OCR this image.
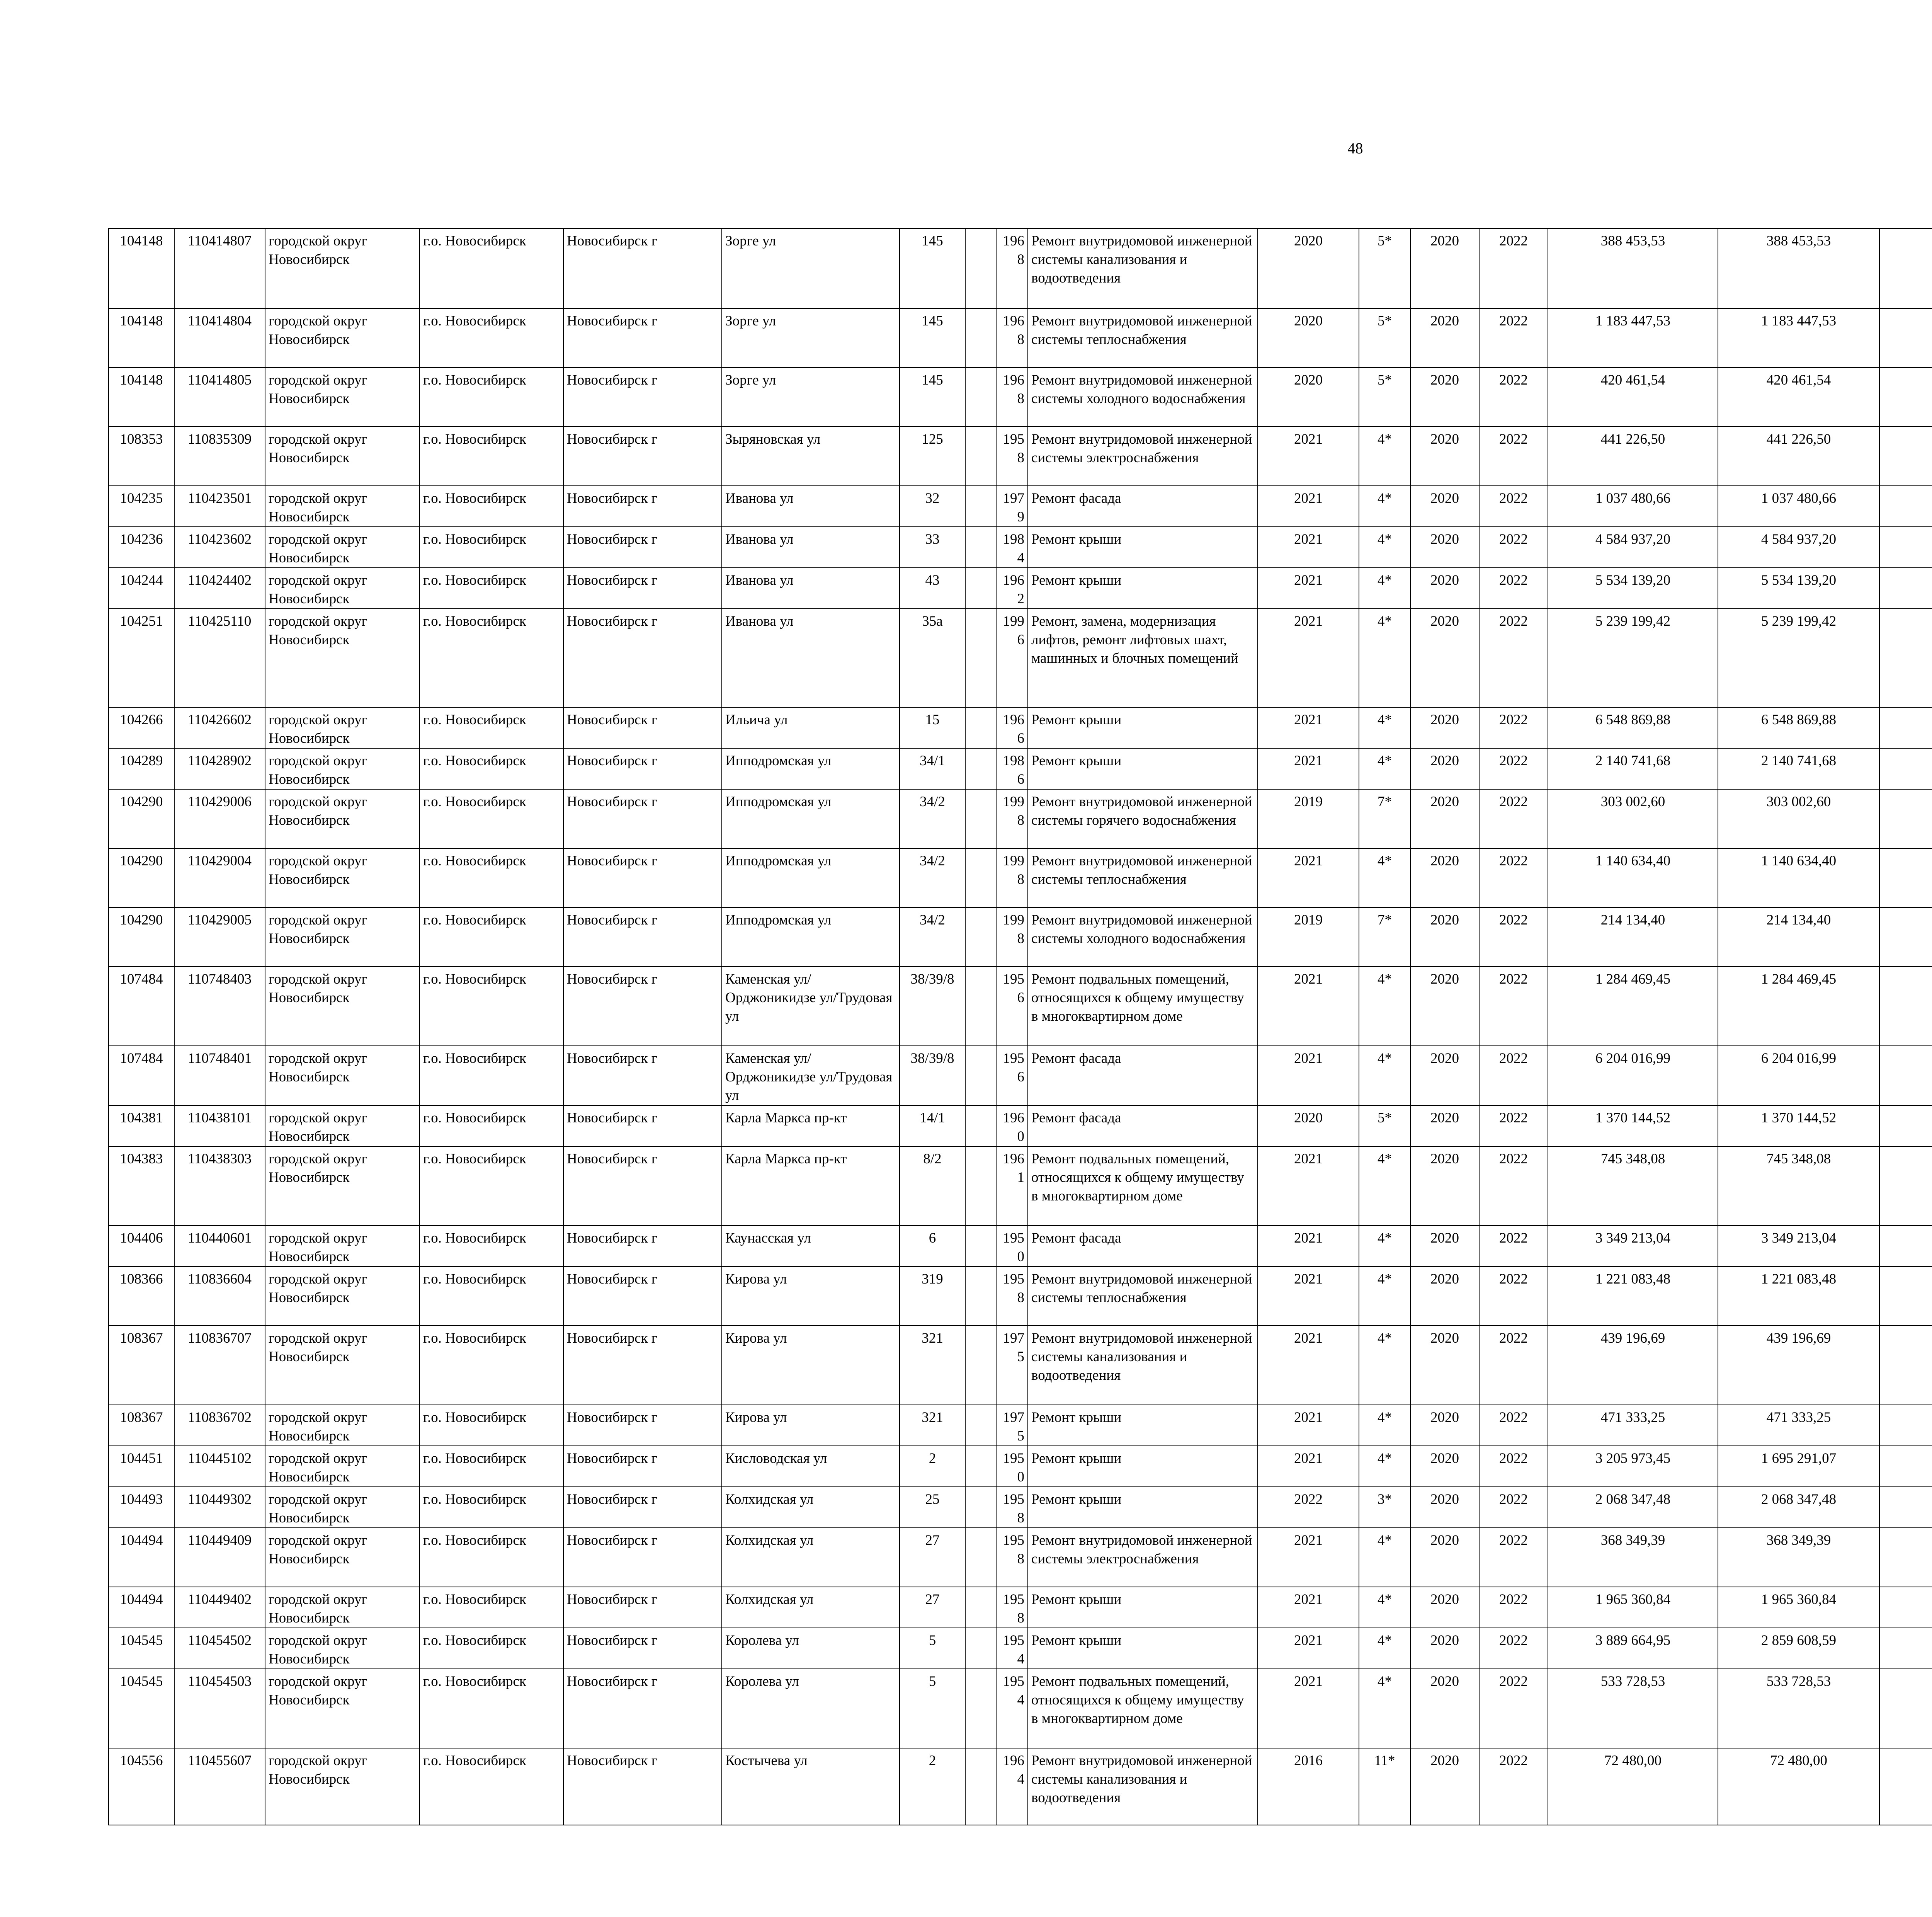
48
104148	110414807	городской округ Новосибирск	г.о. Новосибирск	Новосибирск г	Зорге ул	145		1968	Ремонт внутридомовой инженерной системы канализования и водоотведения	2020	5*	2020	2022	388 453,53	388 453,53						
104148	110414804	городской округ Новосибирск	г.о. Новосибирск	Новосибирск г	Зорге ул	145		1968	Ремонт внутридомовой инженерной системы теплоснабжения	2020	5*	2020	2022	1 183 447,53	1 183 447,53						
104148	110414805	городской округ Новосибирск	г.о. Новосибирск	Новосибирск г	Зорге ул	145		1968	Ремонт внутридомовой инженерной системы холодного водоснабжения	2020	5*	2020	2022	420 461,54	420 461,54						
108353	110835309	городской округ Новосибирск	г.о. Новосибирск	Новосибирск г	Зыряновская ул	125		1958	Ремонт внутридомовой инженерной системы электроснабжения	2021	4*	2020	2022	441 226,50	441 226,50						
104235	110423501	городской округ Новосибирск	г.о. Новосибирск	Новосибирск г	Иванова ул	32		1979	Ремонт фасада	2021	4*	2020	2022	1 037 480,66	1 037 480,66						
104236	110423602	городской округ Новосибирск	г.о. Новосибирск	Новосибирск г	Иванова ул	33		1984	Ремонт крыши	2021	4*	2020	2022	4 584 937,20	4 584 937,20						
104244	110424402	городской округ Новосибирск	г.о. Новосибирск	Новосибирск г	Иванова ул	43		1962	Ремонт крыши	2021	4*	2020	2022	5 534 139,20	5 534 139,20						
104251	110425110	городской округ Новосибирск	г.о. Новосибирск	Новосибирск г	Иванова ул	35а		1996	Ремонт, замена, модернизация лифтов, ремонт лифтовых шахт, машинных и блочных помещений	2021	4*	2020	2022	5 239 199,42	5 239 199,42						
104266	110426602	городской округ Новосибирск	г.о. Новосибирск	Новосибирск г	Ильича ул	15		1966	Ремонт крыши	2021	4*	2020	2022	6 548 869,88	6 548 869,88						
104289	110428902	городской округ Новосибирск	г.о. Новосибирск	Новосибирск г	Ипподромская ул	34/1		1986	Ремонт крыши	2021	4*	2020	2022	2 140 741,68	2 140 741,68						
104290	110429006	городской округ Новосибирск	г.о. Новосибирск	Новосибирск г	Ипподромская ул	34/2		1998	Ремонт внутридомовой инженерной системы горячего водоснабжения	2019	7*	2020	2022	303 002,60	303 002,60						
104290	110429004	городской округ Новосибирск	г.о. Новосибирск	Новосибирск г	Ипподромская ул	34/2		1998	Ремонт внутридомовой инженерной системы теплоснабжения	2021	4*	2020	2022	1 140 634,40	1 140 634,40						
104290	110429005	городской округ Новосибирск	г.о. Новосибирск	Новосибирск г	Ипподромская ул	34/2		1998	Ремонт внутридомовой инженерной системы холодного водоснабжения	2019	7*	2020	2022	214 134,40	214 134,40						
107484	110748403	городской округ Новосибирск	г.о. Новосибирск	Новосибирск г	Каменская ул/Орджоникидзе ул/Трудовая ул	38/39/8		1956	Ремонт подвальных помещений, относящихся к общему имуществу в многоквартирном доме	2021	4*	2020	2022	1 284 469,45	1 284 469,45						
107484	110748401	городской округ Новосибирск	г.о. Новосибирск	Новосибирск г	Каменская ул/Орджоникидзе ул/Трудовая ул	38/39/8		1956	Ремонт фасада	2021	4*	2020	2022	6 204 016,99	6 204 016,99						
104381	110438101	городской округ Новосибирск	г.о. Новосибирск	Новосибирск г	Карла Маркса пр-кт	14/1		1960	Ремонт фасада	2020	5*	2020	2022	1 370 144,52	1 370 144,52						
104383	110438303	городской округ Новосибирск	г.о. Новосибирск	Новосибирск г	Карла Маркса пр-кт	8/2		1961	Ремонт подвальных помещений, относящихся к общему имуществу в многоквартирном доме	2021	4*	2020	2022	745 348,08	745 348,08						
104406	110440601	городской округ Новосибирск	г.о. Новосибирск	Новосибирск г	Каунасская ул	6		1950	Ремонт фасада	2021	4*	2020	2022	3 349 213,04	3 349 213,04						
108366	110836604	городской округ Новосибирск	г.о. Новосибирск	Новосибирск г	Кирова ул	319		1958	Ремонт внутридомовой инженерной системы теплоснабжения	2021	4*	2020	2022	1 221 083,48	1 221 083,48						
108367	110836707	городской округ Новосибирск	г.о. Новосибирск	Новосибирск г	Кирова ул	321		1975	Ремонт внутридомовой инженерной системы канализования и водоотведения	2021	4*	2020	2022	439 196,69	439 196,69						
108367	110836702	городской округ Новосибирск	г.о. Новосибирск	Новосибирск г	Кирова ул	321		1975	Ремонт крыши	2021	4*	2020	2022	471 333,25	471 333,25						
104451	110445102	городской округ Новосибирск	г.о. Новосибирск	Новосибирск г	Кисловодская ул	2		1950	Ремонт крыши	2021	4*	2020	2022	3 205 973,45	1 695 291,07						
104493	110449302	городской округ Новосибирск	г.о. Новосибирск	Новосибирск г	Колхидская ул	25		1958	Ремонт крыши	2022	3*	2020	2022	2 068 347,48	2 068 347,48						
104494	110449409	городской округ Новосибирск	г.о. Новосибирск	Новосибирск г	Колхидская ул	27		1958	Ремонт внутридомовой инженерной системы электроснабжения	2021	4*	2020	2022	368 349,39	368 349,39						
104494	110449402	городской округ Новосибирск	г.о. Новосибирск	Новосибирск г	Колхидская ул	27		1958	Ремонт крыши	2021	4*	2020	2022	1 965 360,84	1 965 360,84						
104545	110454502	городской округ Новосибирск	г.о. Новосибирск	Новосибирск г	Королева ул	5		1954	Ремонт крыши	2021	4*	2020	2022	3 889 664,95	2 859 608,59						
104545	110454503	городской округ Новосибирск	г.о. Новосибирск	Новосибирск г	Королева ул	5		1954	Ремонт подвальных помещений, относящихся к общему имуществу в многоквартирном доме	2021	4*	2020	2022	533 728,53	533 728,53						
104556	110455607	городской округ Новосибирск	г.о. Новосибирск	Новосибирск г	Костычева ул	2		1964	Ремонт внутридомовой инженерной системы канализования и водоотведения	2016	11*	2020	2022	72 480,00	72 480,00						
